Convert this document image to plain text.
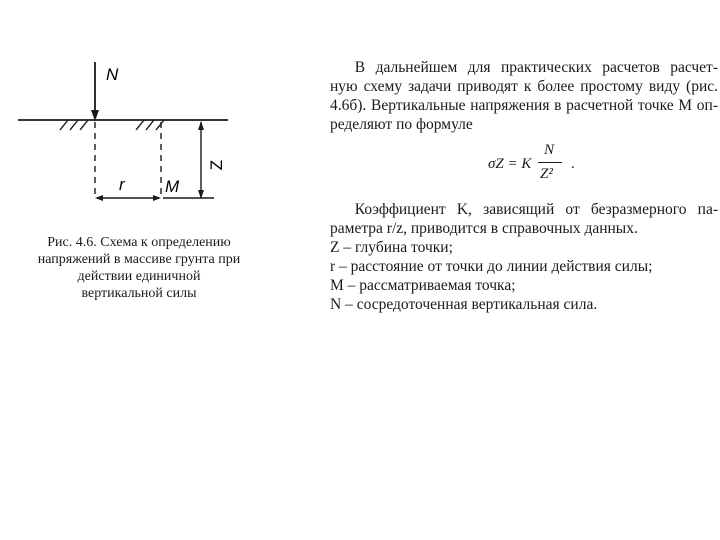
N
Z
r M
Рис. 4.6. Схема к определению
напряжений в массиве грунта при
действии единичной
вертикальной силы

В дальнейшем для практических расчетов расчет-
ную схему задачи приводят к более простому виду (рис.
4.6б). Вертикальные напряжения в расчетной точке M оп-
ределяют по формуле

σZ = K
N
Z²
.
Коэффициент K, зависящий от безразмерного па-
раметра r/z, приводится в справочных данных.
Z – глубина точки;
r – расстояние от точки до линии действия силы;
M – рассматриваемая точка;
N – сосредоточенная вертикальная сила.
